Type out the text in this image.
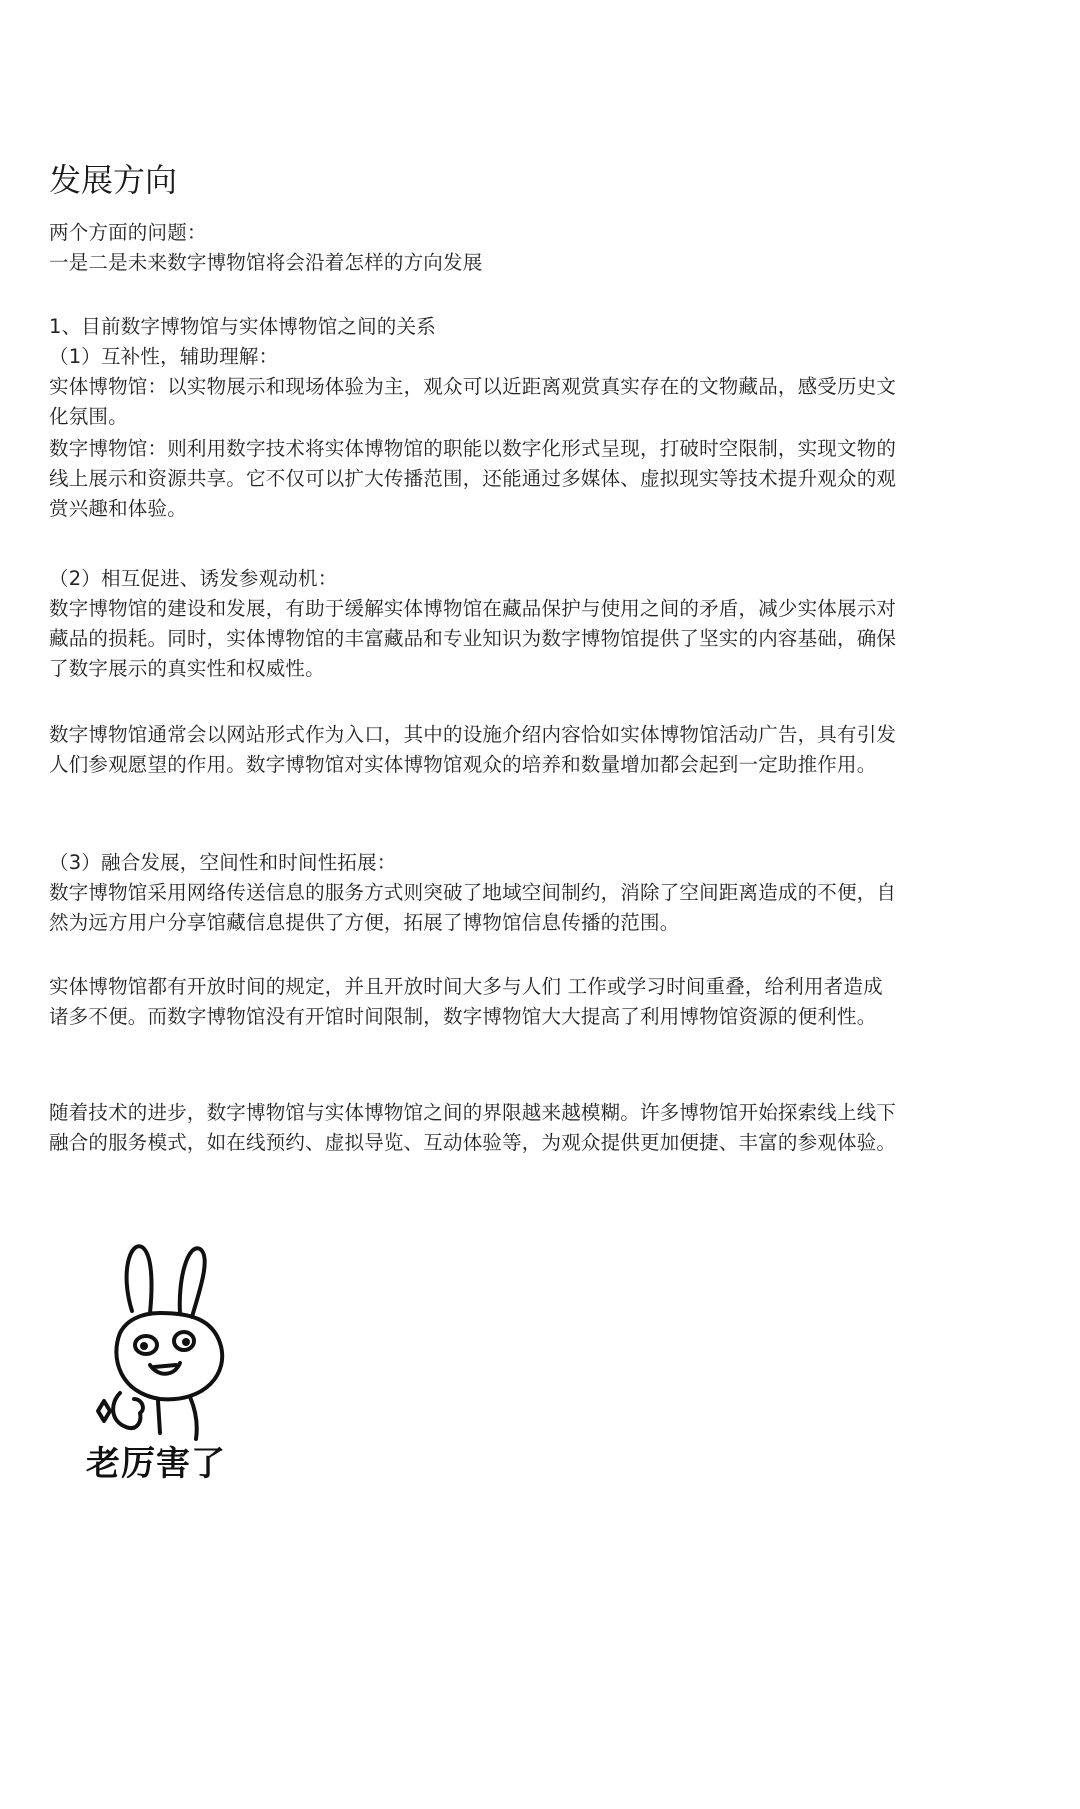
发展方向

两个方面的问题：

一是二是未来数字博物馆将会沿着怎样的方向发展

1、目前数字博物馆与实体博物馆之间的关系

（1）互补性，辅助理解：

实体博物馆：以实物展示和现场体验为主，观众可以近距离观赏真实存在的文物藏品，感受历史文化氛围。

数字博物馆：则利用数字技术将实体博物馆的职能以数字化形式呈现，打破时空限制，实现文物的线上展示和资源共享。它不仅可以扩大传播范围，还能通过多媒体、虚拟现实等技术提升观众的观赏兴趣和体验。

（2）相互促进、诱发参观动机：

数字博物馆的建设和发展，有助于缓解实体博物馆在藏品保护与使用之间的矛盾，减少实体展示对藏品的损耗。同时，实体博物馆的丰富藏品和专业知识为数字博物馆提供了坚实的内容基础，确保了数字展示的真实性和权威性。

数字博物馆通常会以网站形式作为入口，其中的设施介绍内容恰如实体博物馆活动广告，具有引发人们参观愿望的作用。数字博物馆对实体博物馆观众的培养和数量增加都会起到一定助推作用。

（3）融合发展，空间性和时间性拓展：

数字博物馆采用网络传送信息的服务方式则突破了地域空间制约，消除了空间距离造成的不便，自然为远方用户分享馆藏信息提供了方便，拓展了博物馆信息传播的范围。

实体博物馆都有开放时间的规定，并且开放时间大多与人们 工作或学习时间重叠，给利用者造成诸多不便。而数字博物馆没有开馆时间限制，数字博物馆大大提高了利用博物馆资源的便利性。

随着技术的进步，数字博物馆与实体博物馆之间的界限越来越模糊。许多博物馆开始探索线上线下融合的服务模式，如在线预约、虚拟导览、互动体验等，为观众提供更加便捷、丰富的参观体验。

老厉害了
